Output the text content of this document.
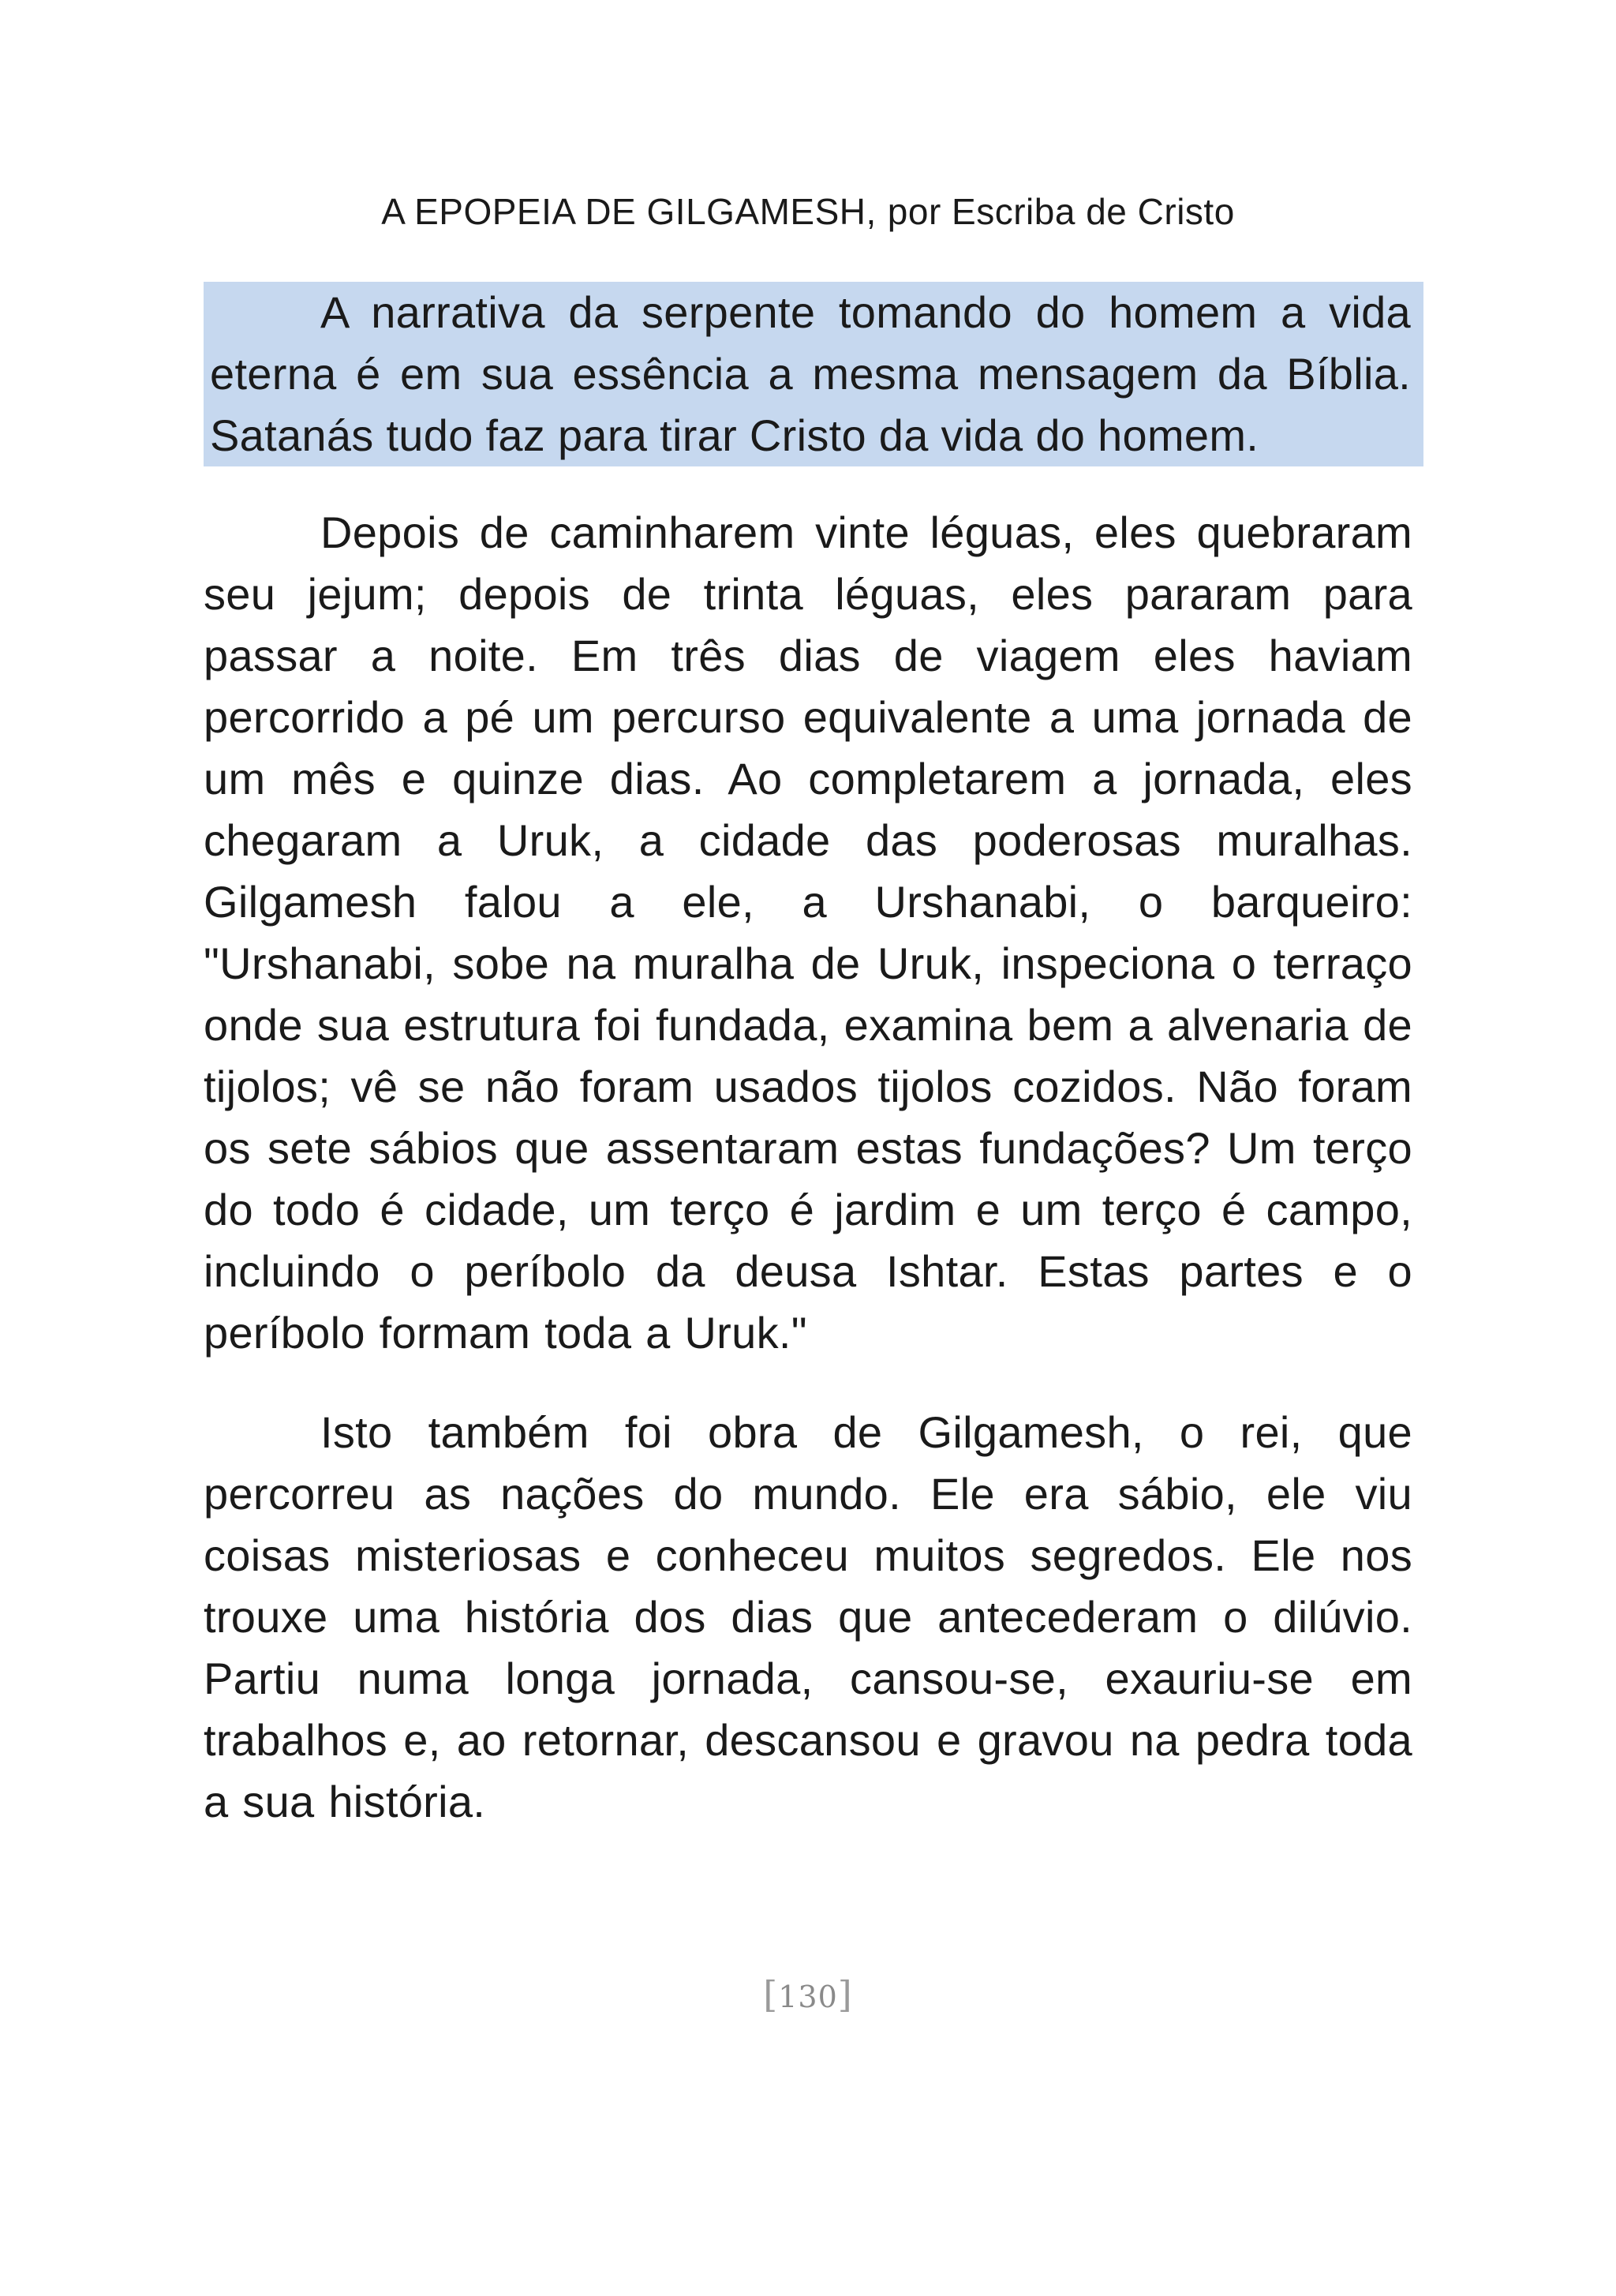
A EPOPEIA DE GILGAMESH, por Escriba de Cristo

A narrativa da serpente tomando do homem a vida eterna é em sua essência a mesma mensagem da Bíblia. Satanás tudo faz para tirar Cristo da vida do homem.

Depois de caminharem vinte léguas, eles quebraram seu jejum; depois de trinta léguas, eles pararam para passar a noite. Em três dias de viagem eles haviam percorrido a pé um percurso equivalente a uma jornada de um mês e quinze dias. Ao completarem a jornada, eles chegaram a Uruk, a cidade das poderosas muralhas. Gilgamesh falou a ele, a Urshanabi, o barqueiro: "Urshanabi, sobe na muralha de Uruk, inspeciona o terraço onde sua estrutura foi fundada, examina bem a alvenaria de tijolos; vê se não foram usados tijolos cozidos. Não foram os sete sábios que assentaram estas fundações? Um terço do todo é cidade, um terço é jardim e um terço é campo, incluindo o períbolo da deusa Ishtar. Estas partes e o períbolo formam toda a Uruk."

Isto também foi obra de Gilgamesh, o rei, que percorreu as nações do mundo. Ele era sábio, ele viu coisas misteriosas e conheceu muitos segredos. Ele nos trouxe uma história dos dias que antecederam o dilúvio. Partiu numa longa jornada, cansou-se, exauriu-se em trabalhos e, ao retornar, descansou e gravou na pedra toda a sua história.

[130]
